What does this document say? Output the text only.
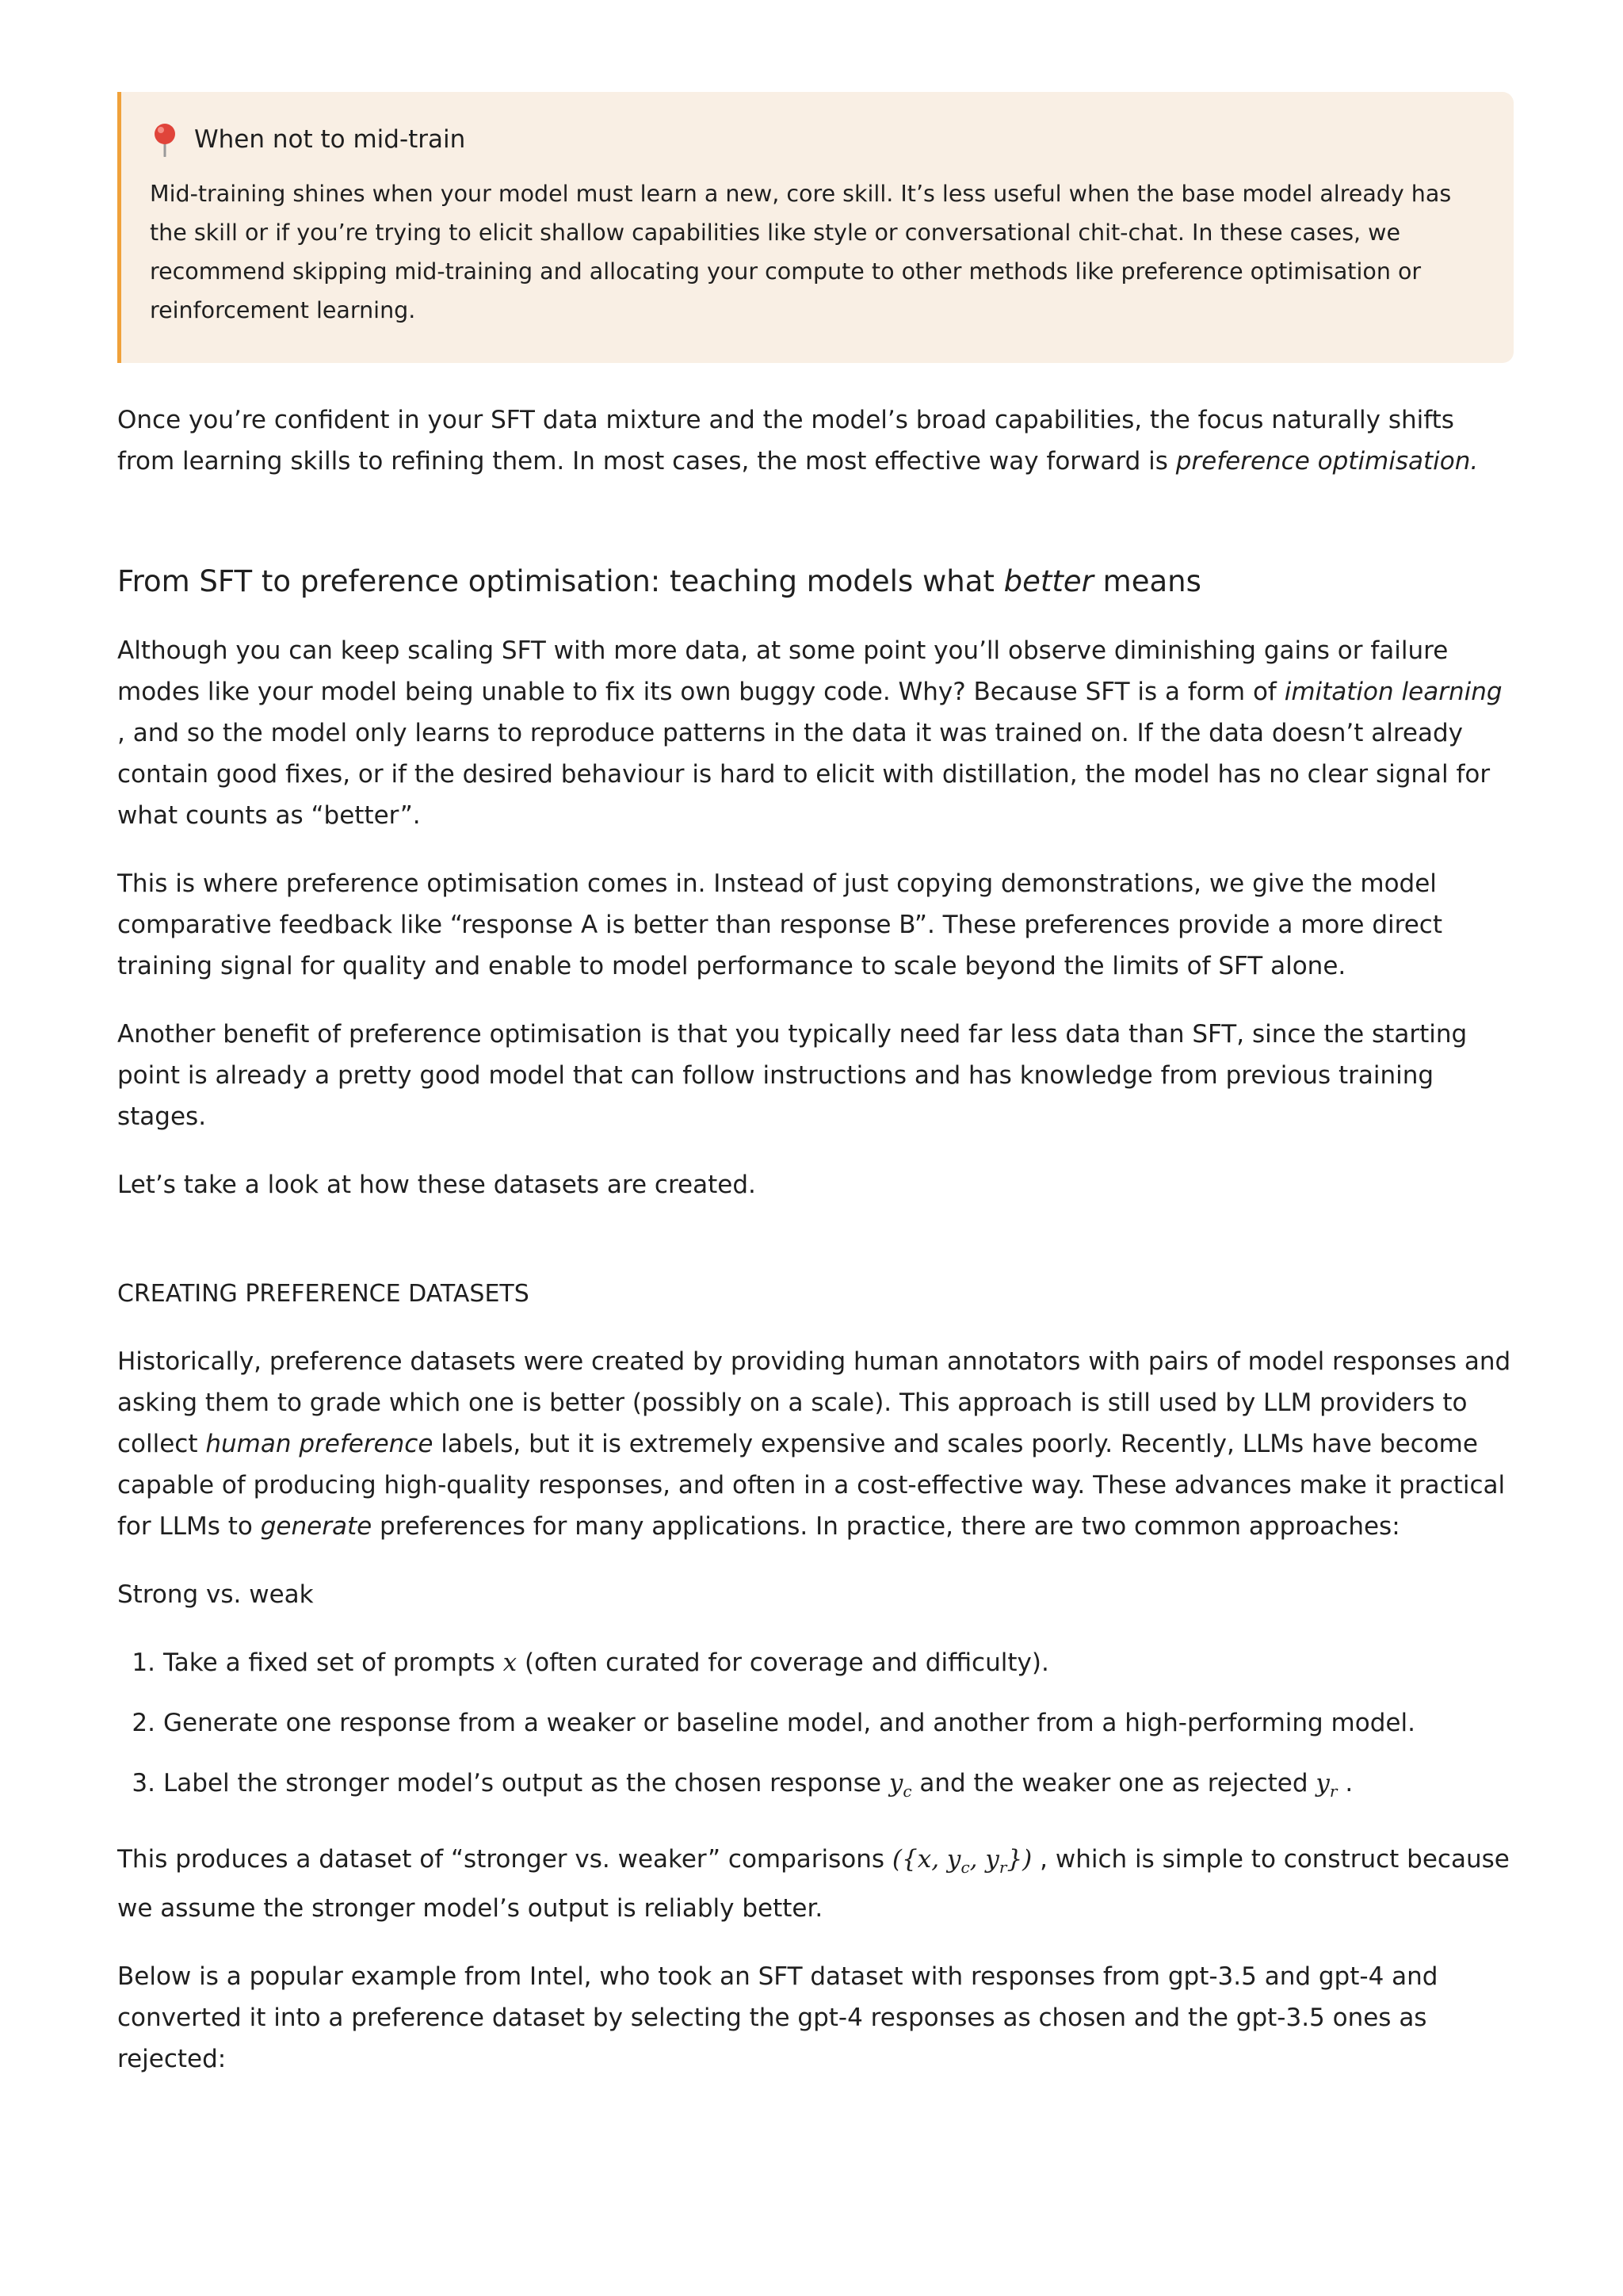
When not to mid-train
Mid-training shines when your model must learn a new, core skill. It’s less useful when the base model already has the skill or if you’re trying to elicit shallow capabilities like style or conversational chit-chat. In these cases, we recommend skipping mid-training and allocating your compute to other methods like preference optimisation or reinforcement learning.

Once you’re confident in your SFT data mixture and the model’s broad capabilities, the focus naturally shifts from learning skills to refining them. In most cases, the most effective way forward is preference optimisation.

From SFT to preference optimisation: teaching models what better means

Although you can keep scaling SFT with more data, at some point you’ll observe diminishing gains or failure modes like your model being unable to fix its own buggy code. Why? Because SFT is a form of imitation learning , and so the model only learns to reproduce patterns in the data it was trained on. If the data doesn’t already contain good fixes, or if the desired behaviour is hard to elicit with distillation, the model has no clear signal for what counts as “better”.

This is where preference optimisation comes in. Instead of just copying demonstrations, we give the model comparative feedback like “response A is better than response B”. These preferences provide a more direct training signal for quality and enable to model performance to scale beyond the limits of SFT alone.

Another benefit of preference optimisation is that you typically need far less data than SFT, since the starting point is already a pretty good model that can follow instructions and has knowledge from previous training stages.

Let’s take a look at how these datasets are created.

CREATING PREFERENCE DATASETS

Historically, preference datasets were created by providing human annotators with pairs of model responses and asking them to grade which one is better (possibly on a scale). This approach is still used by LLM providers to collect human preference labels, but it is extremely expensive and scales poorly. Recently, LLMs have become capable of producing high-quality responses, and often in a cost-effective way. These advances make it practical for LLMs to generate preferences for many applications. In practice, there are two common approaches:

Strong vs. weak

1. Take a fixed set of prompts x (often curated for coverage and difficulty).
2. Generate one response from a weaker or baseline model, and another from a high-performing model.
3. Label the stronger model’s output as the chosen response $y_c$ and the weaker one as rejected $y_r$ .

This produces a dataset of “stronger vs. weaker” comparisons ({x, $y_c$, $y_r$}) , which is simple to construct because we assume the stronger model’s output is reliably better.

Below is a popular example from Intel, who took an SFT dataset with responses from gpt-3.5 and gpt-4 and converted it into a preference dataset by selecting the gpt-4 responses as chosen and the gpt-3.5 ones as rejected:
